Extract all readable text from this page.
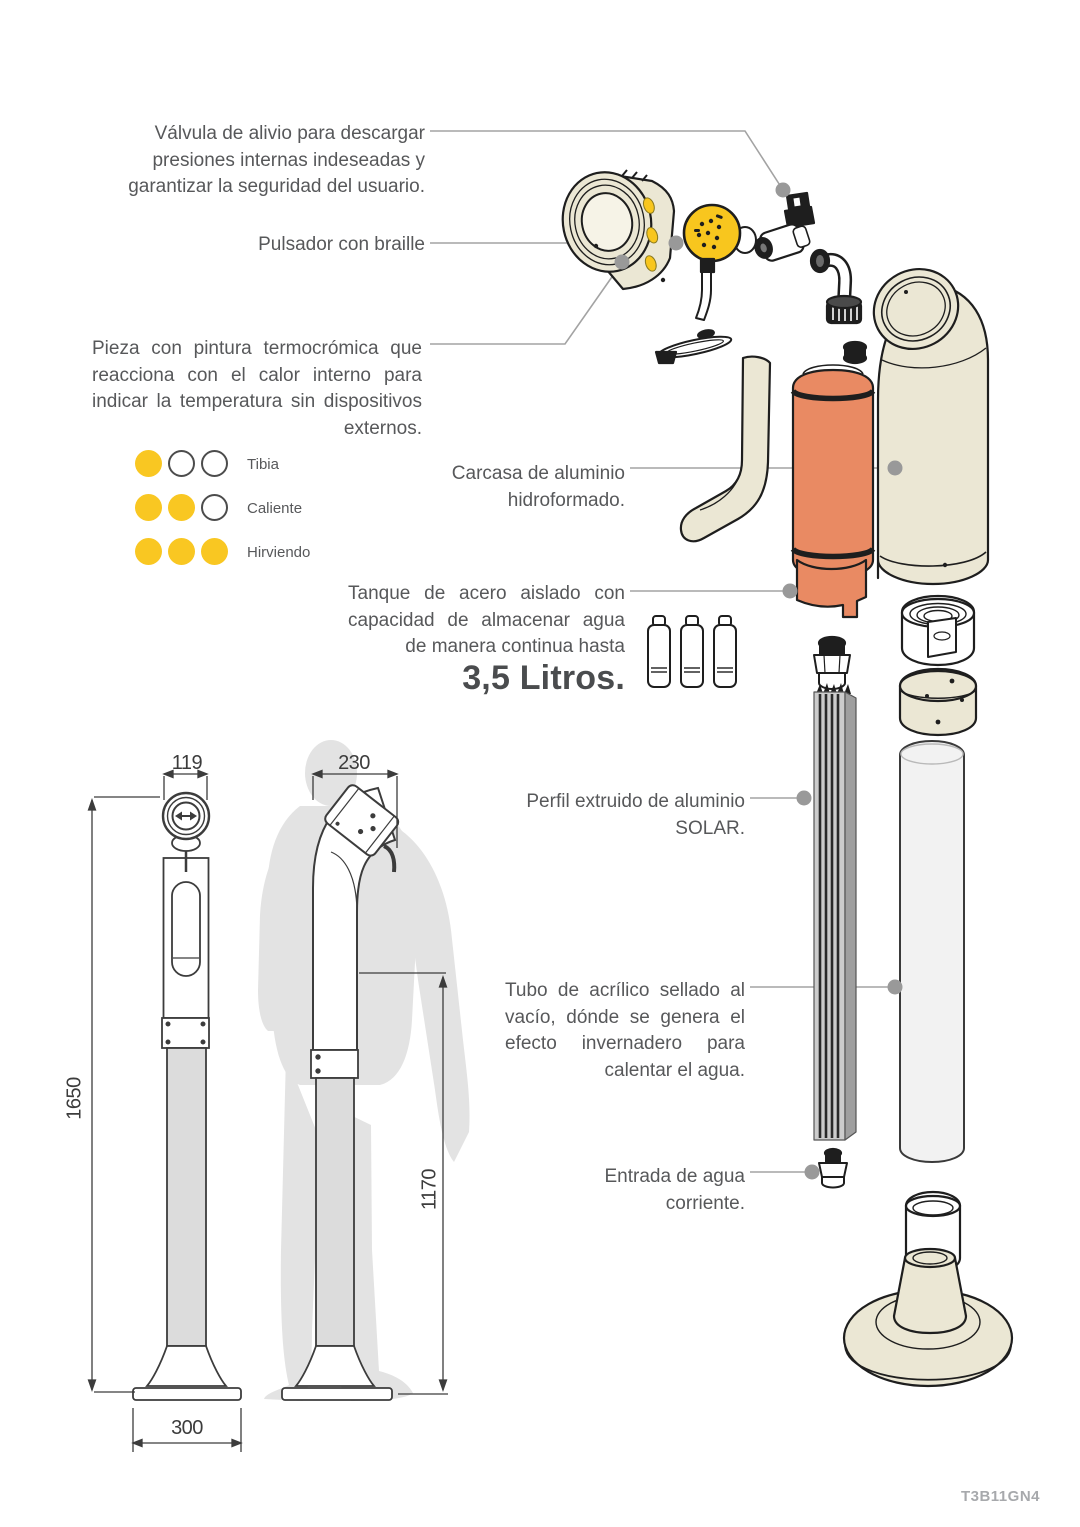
Válvula de alivio para descargar presiones internas indeseadas y garantizar la seguridad del usuario.
Pulsador con braille
Pieza con pintura termocrómica que reacciona con el calor interno para indicar la temperatura sin dispositivos externos.
Tibia
Caliente
Hirviendo
Carcasa de aluminio hidroformado.
Tanque de acero aislado con capacidad de almacenar agua de manera continua hasta
3,5 Litros.
Perfil extruido de aluminio SOLAR.
Tubo de acrílico sellado al vacío, dónde se genera el efecto invernadero para calentar el agua.
Entrada de agua corriente.
119	230
1650
1170
300
T3B11GN4
